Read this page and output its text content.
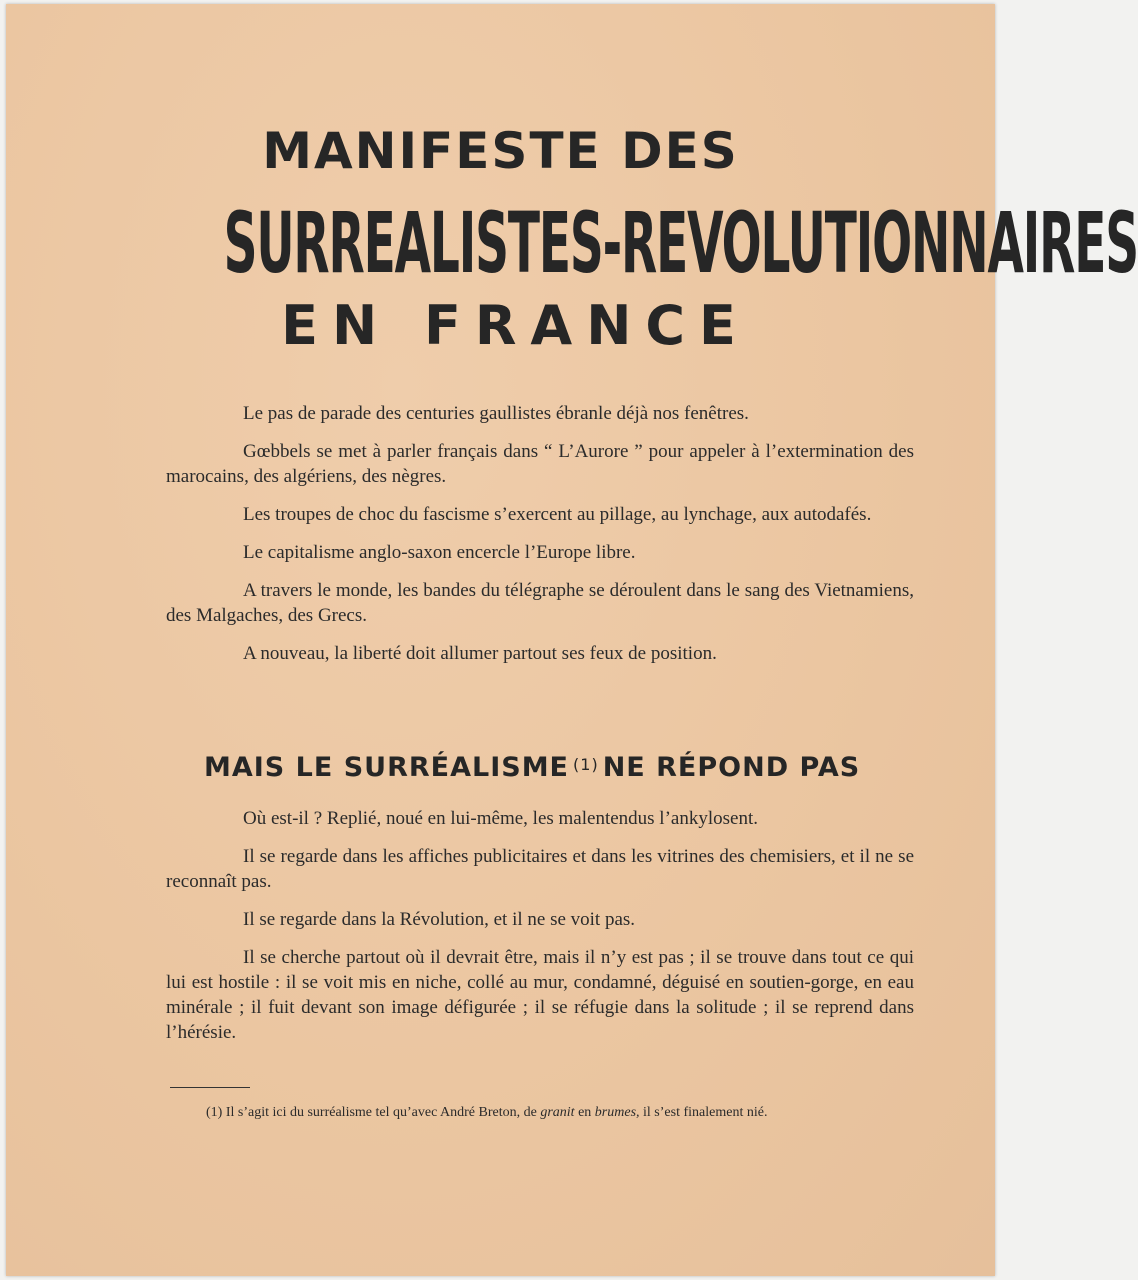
MANIFESTE DES
SURREALISTES-REVOLUTIONNAIRES
EN FRANCE

Le pas de parade des centuries gaullistes ébranle déjà nos fenêtres.

Gœbbels se met à parler français dans “ L’Aurore ” pour appeler à l’extermination des marocains, des algériens, des nègres.

Les troupes de choc du fascisme s’exercent au pillage, au lynchage, aux autodafés.

Le capitalisme anglo-saxon encercle l’Europe libre.

A travers le monde, les bandes du télégraphe se déroulent dans le sang des Vietnamiens, des Malgaches, des Grecs.

A nouveau, la liberté doit allumer partout ses feux de position.

MAIS LE SURRÉALISME $^{(1)}$ NE RÉPOND PAS

Où est-il ? Replié, noué en lui-même, les malentendus l’ankylosent.

Il se regarde dans les affiches publicitaires et dans les vitrines des chemisiers, et il ne se reconnaît pas.

Il se regarde dans la Révolution, et il ne se voit pas.

Il se cherche partout où il devrait être, mais il n’y est pas ; il se trouve dans tout ce qui lui est hostile : il se voit mis en niche, collé au mur, condamné, déguisé en soutien-gorge, en eau minérale ; il fuit devant son image défigurée ; il se réfugie dans la solitude ; il se reprend dans l’hérésie.

(1) Il s’agit ici du surréalisme tel qu’avec André Breton, de granit en brumes, il s’est finalement nié.
